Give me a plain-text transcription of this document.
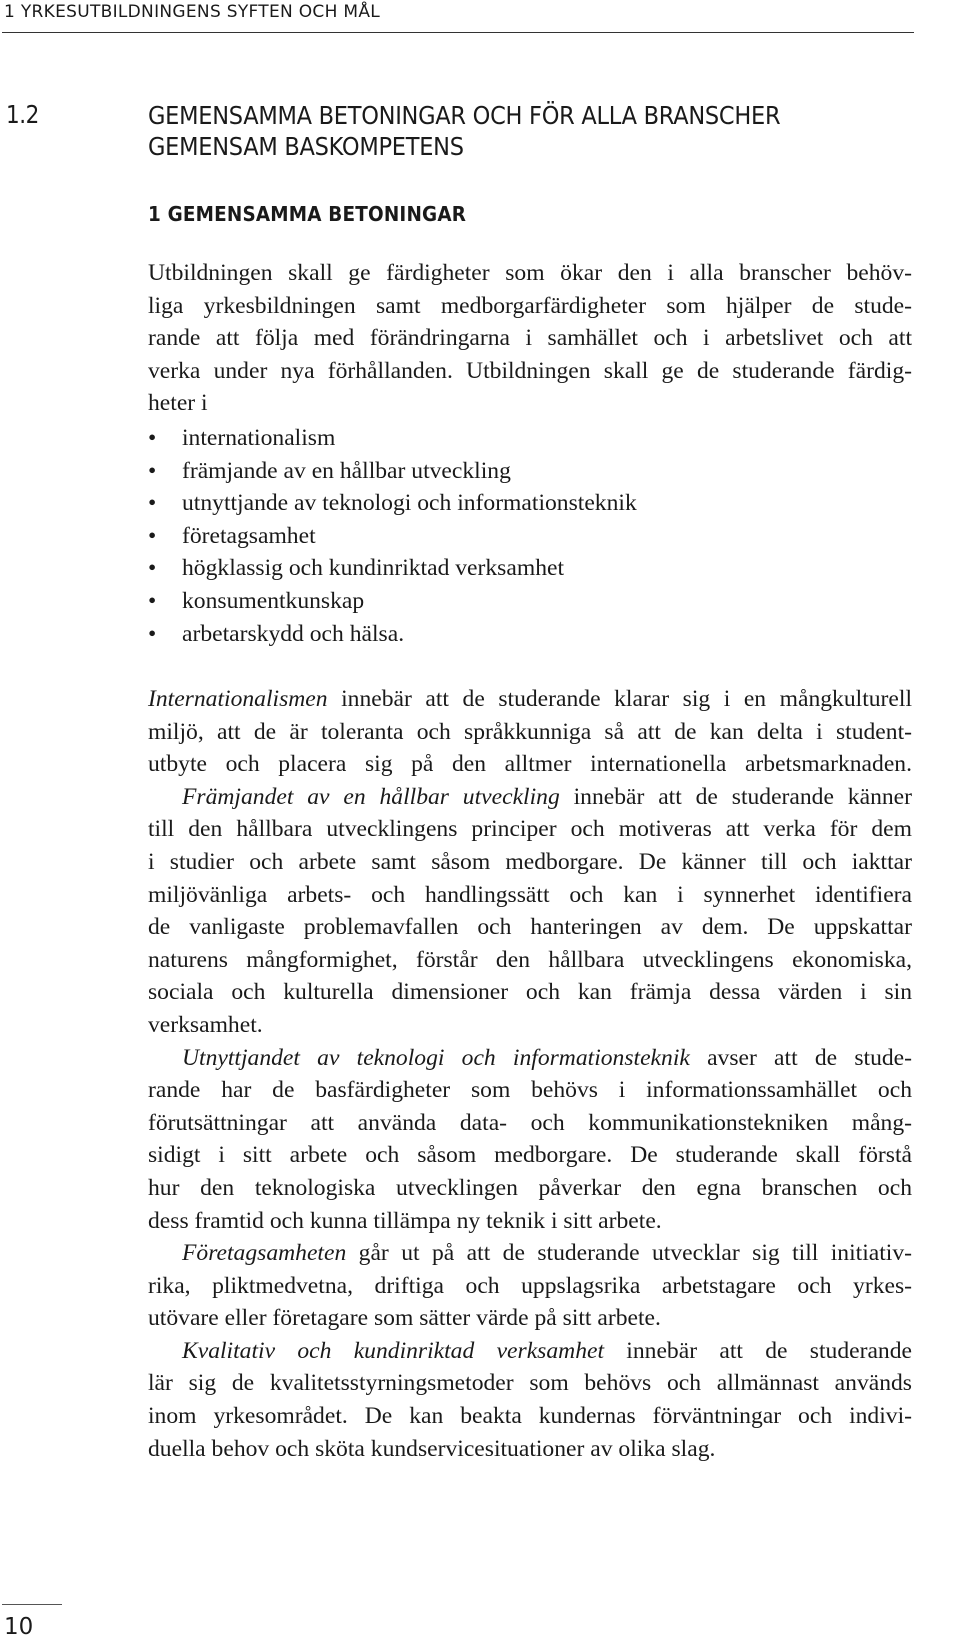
1 YRKESUTBILDNINGENS SYFTEN OCH MÅL
1.2	GEMENSAMMA BETONINGAR OCH FÖR ALLA BRANSCHER
GEMENSAM BASKOMPETENS
1 GEMENSAMMA BETONINGAR
Utbildningen skall ge färdigheter som ökar den i alla branscher behöv-
liga yrkesbildningen samt medborgarfärdigheter som hjälper de stude-
rande att följa med förändringarna i samhället och i arbetslivet och att
verka under nya förhållanden. Utbildningen skall ge de studerande färdig-
heter i
• internationalism
• främjande av en hållbar utveckling
• utnyttjande av teknologi och informationsteknik
• företagsamhet
• högklassig och kundinriktad verksamhet
• konsumentkunskap
• arbetarskydd och hälsa.
Internationalismen innebär att de studerande klarar sig i en mångkulturell
miljö, att de är toleranta och språkkunniga så att de kan delta i student-
utbyte och placera sig på den alltmer internationella arbetsmarknaden.
Främjandet av en hållbar utveckling innebär att de studerande känner
till den hållbara utvecklingens principer och motiveras att verka för dem
i studier och arbete samt såsom medborgare. De känner till och iakttar
miljövänliga arbets- och handlingssätt och kan i synnerhet identifiera
de vanligaste problemavfallen och hanteringen av dem. De uppskattar
naturens mångformighet, förstår den hållbara utvecklingens ekonomiska,
sociala och kulturella dimensioner och kan främja dessa värden i sin
verksamhet.
Utnyttjandet av teknologi och informationsteknik avser att de stude-
rande har de basfärdigheter som behövs i informationssamhället och
förutsättningar att använda data- och kommunikationstekniken mång-
sidigt i sitt arbete och såsom medborgare. De studerande skall förstå
hur den teknologiska utvecklingen påverkar den egna branschen och
dess framtid och kunna tillämpa ny teknik i sitt arbete.
Företagsamheten går ut på att de studerande utvecklar sig till initiativ-
rika, pliktmedvetna, driftiga och uppslagsrika arbetstagare och yrkes-
utövare eller företagare som sätter värde på sitt arbete.
Kvalitativ och kundinriktad verksamhet innebär att de studerande
lär sig de kvalitetsstyrningsmetoder som behövs och allmännast används
inom yrkesområdet. De kan beakta kundernas förväntningar och indivi-
duella behov och sköta kundservicesituationer av olika slag.
10
